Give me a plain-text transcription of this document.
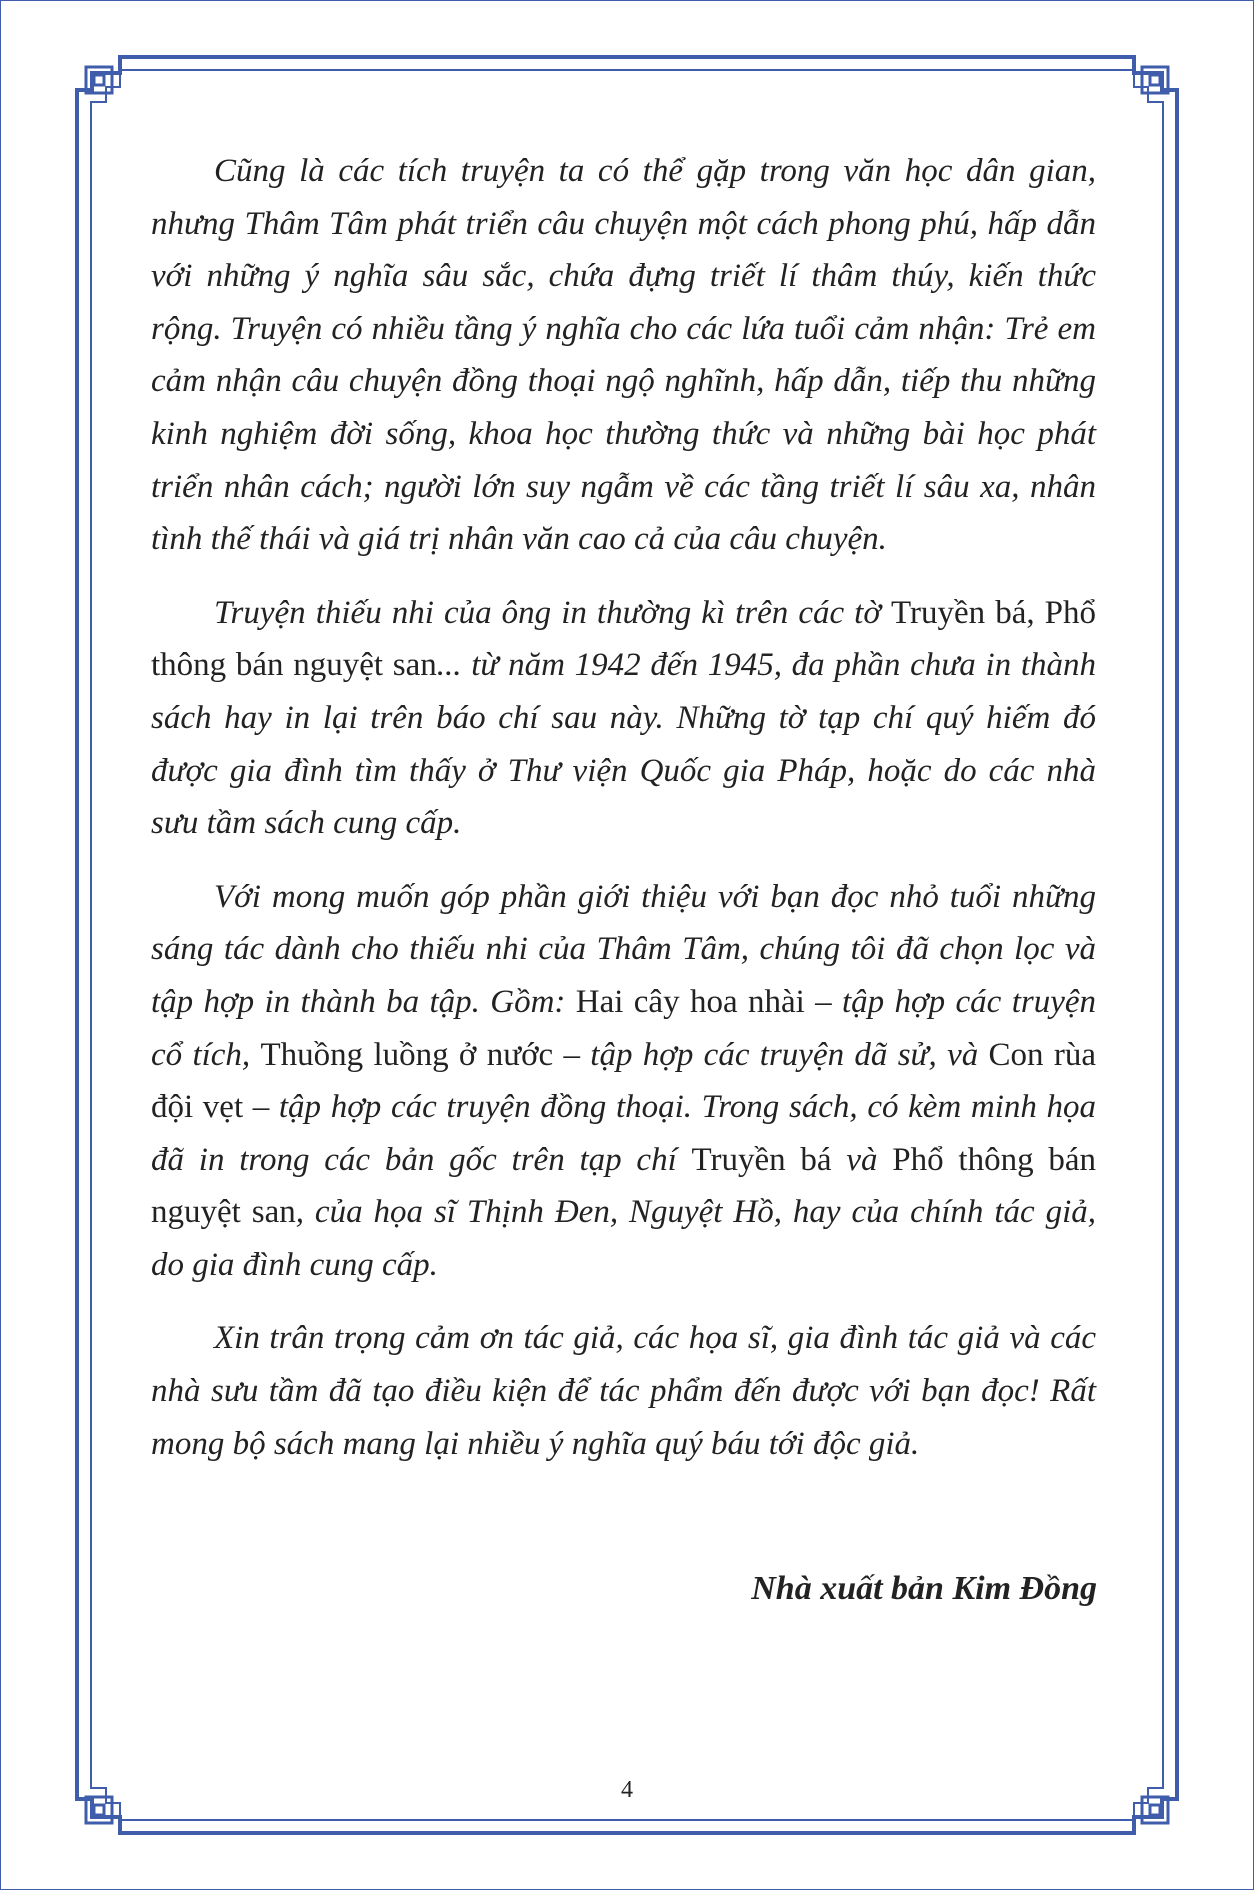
Cũng là các tích truyện ta có thể gặp trong văn học dân gian, nhưng Thâm Tâm phát triển câu chuyện một cách phong phú, hấp dẫn với những ý nghĩa sâu sắc, chứa đựng triết lí thâm thúy, kiến thức rộng. Truyện có nhiều tầng ý nghĩa cho các lứa tuổi cảm nhận: Trẻ em cảm nhận câu chuyện đồng thoại ngộ nghĩnh, hấp dẫn, tiếp thu những kinh nghiệm đời sống, khoa học thường thức và những bài học phát triển nhân cách; người lớn suy ngẫm về các tầng triết lí sâu xa, nhân tình thế thái và giá trị nhân văn cao cả của câu chuyện.

Truyện thiếu nhi của ông in thường kì trên các tờ Truyền bá, Phổ thông bán nguyệt san... từ năm 1942 đến 1945, đa phần chưa in thành sách hay in lại trên báo chí sau này. Những tờ tạp chí quý hiếm đó được gia đình tìm thấy ở Thư viện Quốc gia Pháp, hoặc do các nhà sưu tầm sách cung cấp.

Với mong muốn góp phần giới thiệu với bạn đọc nhỏ tuổi những sáng tác dành cho thiếu nhi của Thâm Tâm, chúng tôi đã chọn lọc và tập hợp in thành ba tập. Gồm: Hai cây hoa nhài – tập hợp các truyện cổ tích, Thuồng luồng ở nước – tập hợp các truyện dã sử, và Con rùa đội vẹt – tập hợp các truyện đồng thoại. Trong sách, có kèm minh họa đã in trong các bản gốc trên tạp chí Truyền bá và Phổ thông bán nguyệt san, của họa sĩ Thịnh Đen, Nguyệt Hồ, hay của chính tác giả, do gia đình cung cấp.

Xin trân trọng cảm ơn tác giả, các họa sĩ, gia đình tác giả và các nhà sưu tầm đã tạo điều kiện để tác phẩm đến được với bạn đọc! Rất mong bộ sách mang lại nhiều ý nghĩa quý báu tới độc giả.

Nhà xuất bản Kim Đồng
4
